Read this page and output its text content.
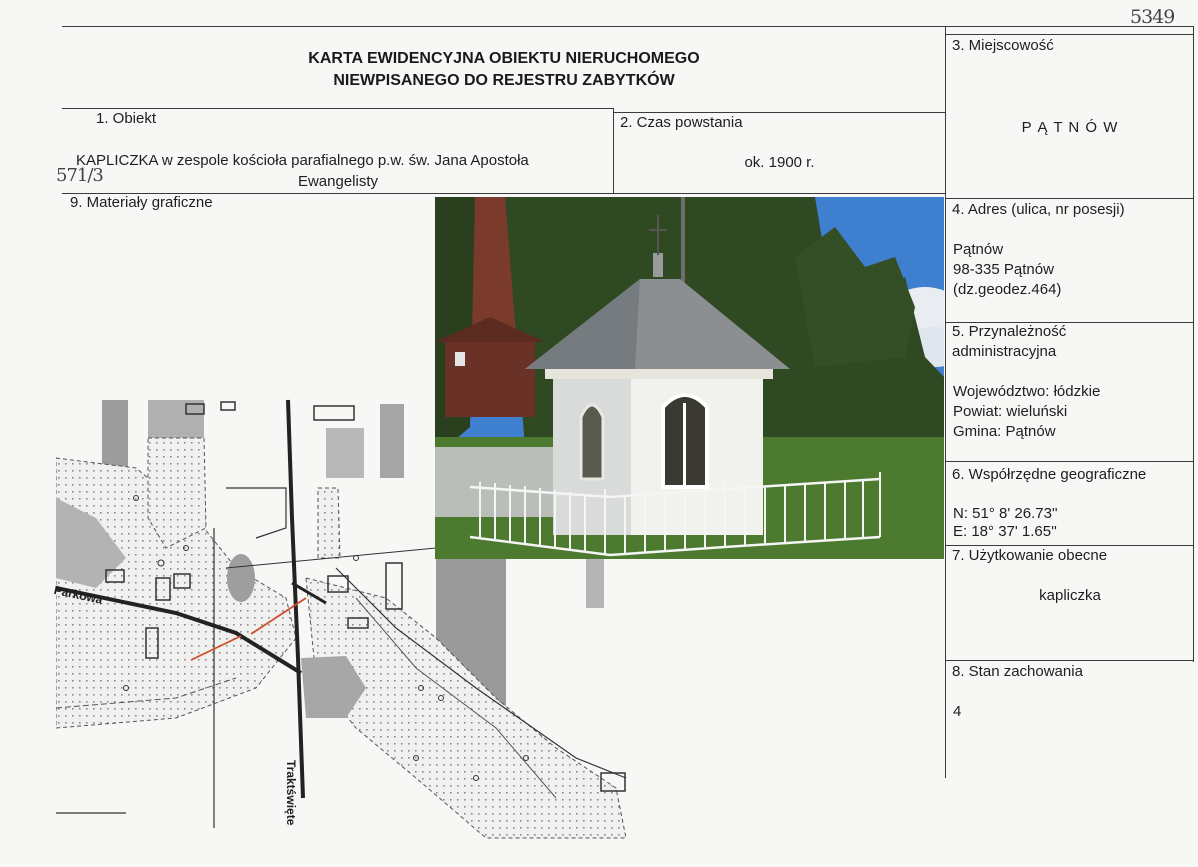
5349
KARTA EWIDENCYJNA OBIEKTU NIERUCHOMEGO
NIEWPISANEGO DO REJESTRU ZABYTKÓW
1. Obiekt
KAPLICZKA w zespole kościoła parafialnego p.w. św. Jana Apostoła
Ewangelisty
571/3
2. Czas powstania
ok. 1900 r.
3. Miejscowość
P Ą T N Ó W
4. Adres (ulica, nr posesji)
Pątnów
98-335 Pątnów
(dz.geodez.464)
5. Przynależność
administracyjna
Województwo: łódzkie
Powiat: wieluński
Gmina: Pątnów
6. Współrzędne geograficzne
N: 51° 8' 26.73''
E: 18° 37' 1.65''
7. Użytkowanie obecne
kapliczka
8. Stan zachowania
4
9. Materiały graficzne
Parkowa
Traktświęte
